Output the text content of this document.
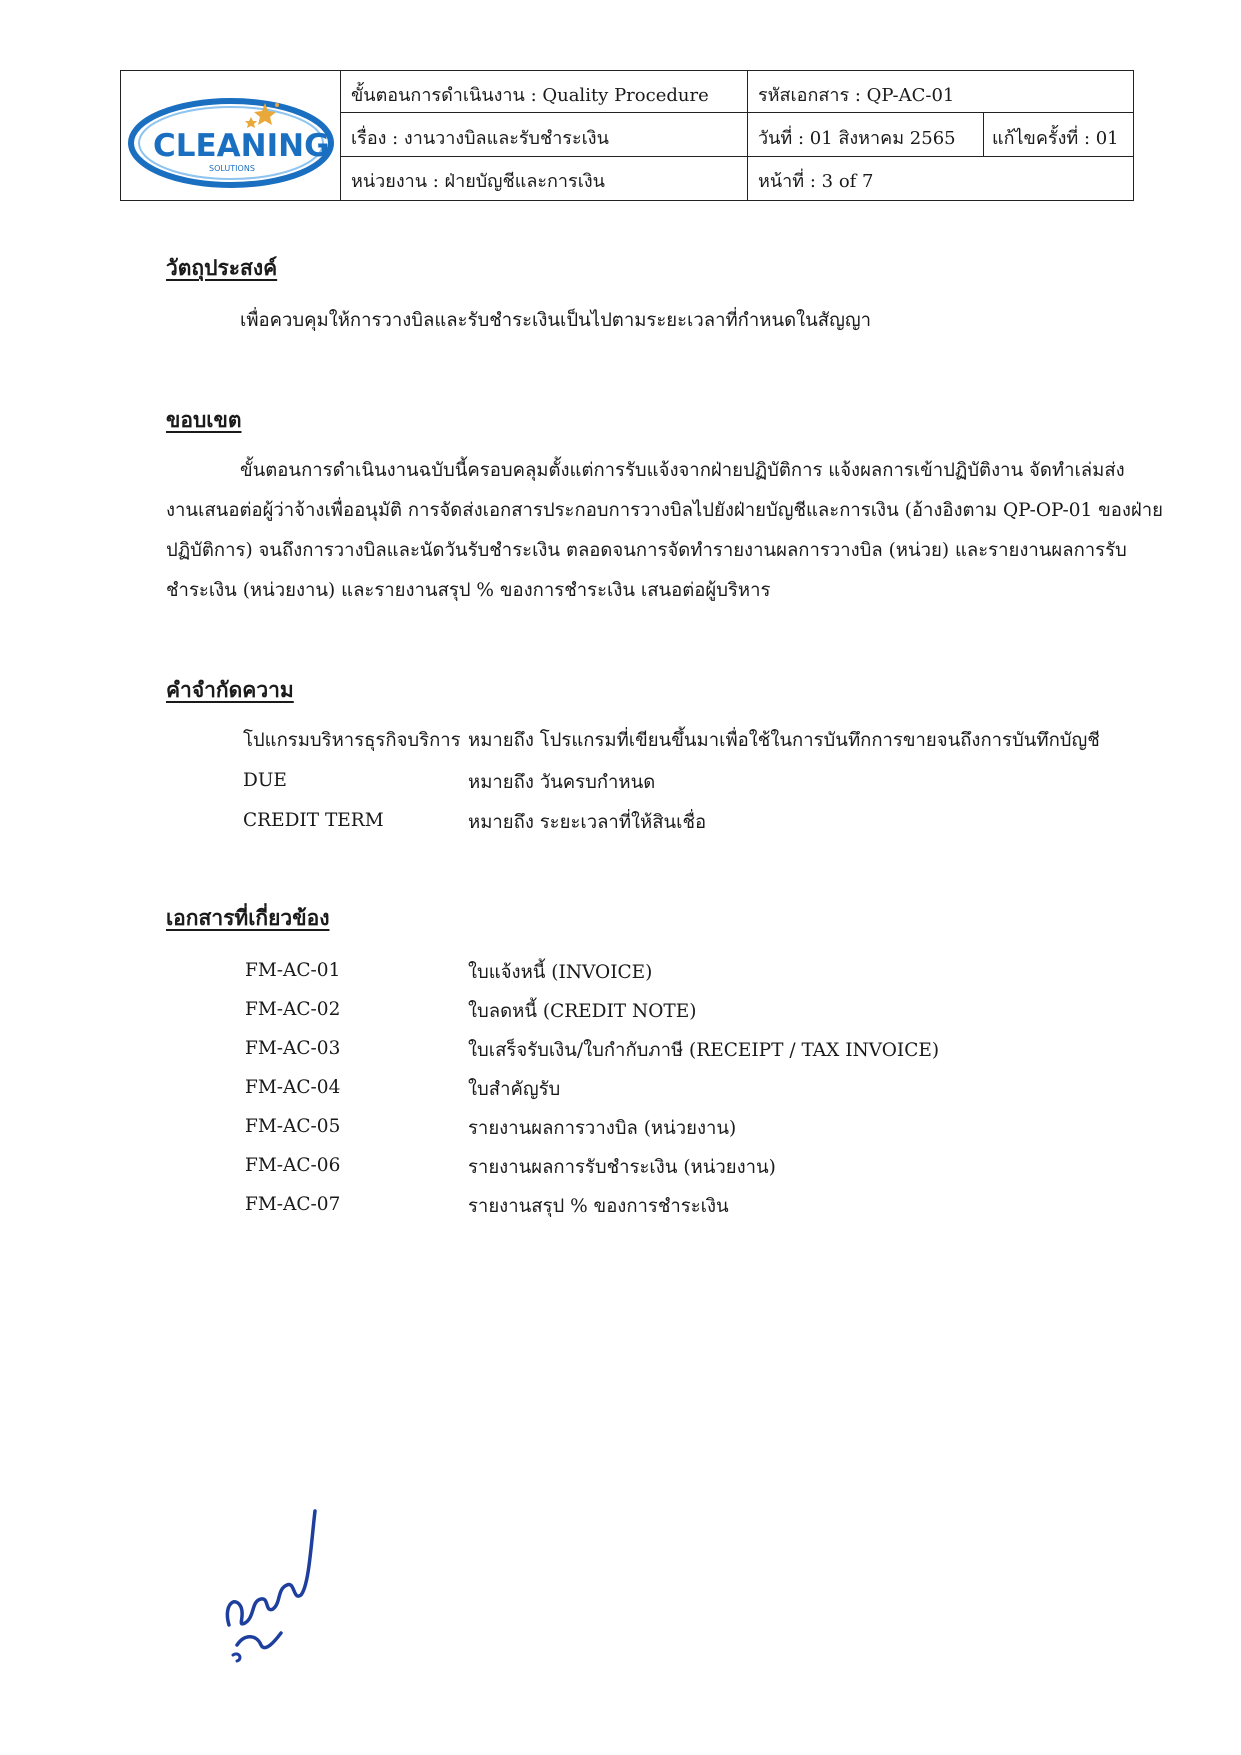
CLEANING
SOLUTIONS
ขั้นตอนการดำเนินงาน : Quality Procedure	รหัสเอกสาร : QP-AC-01
เรื่อง : งานวางบิลและรับชำระเงิน	วันที่ : 01 สิงหาคม 2565 แก้ไขครั้งที่ : 01
หน่วยงาน : ฝ่ายบัญชีและการเงิน	หน้าที่ : 3 of 7
วัตถุประสงค์
เพื่อควบคุมให้การวางบิลและรับชำระเงินเป็นไปตามระยะเวลาที่กำหนดในสัญญา
ขอบเขต
ขั้นตอนการดำเนินงานฉบับนี้ครอบคลุมตั้งแต่การรับแจ้งจากฝ่ายปฏิบัติการ แจ้งผลการเข้าปฏิบัติงาน จัดทำเล่มส่ง
งานเสนอต่อผู้ว่าจ้างเพื่ออนุมัติ การจัดส่งเอกสารประกอบการวางบิลไปยังฝ่ายบัญชีและการเงิน (อ้างอิงตาม QP-OP-01 ของฝ่าย
ปฏิบัติการ) จนถึงการวางบิลและนัดวันรับชำระเงิน ตลอดจนการจัดทำรายงานผลการวางบิล (หน่วย) และรายงานผลการรับ
ชำระเงิน (หน่วยงาน) และรายงานสรุป % ของการชำระเงิน เสนอต่อผู้บริหาร
คำจำกัดความ
โปแกรมบริหารธุรกิจบริการ หมายถึง โปรแกรมที่เขียนขึ้นมาเพื่อใช้ในการบันทึกการขายจนถึงการบันทึกบัญชี
DUE	หมายถึง วันครบกำหนด
CREDIT TERM	หมายถึง ระยะเวลาที่ให้สินเชื่อ
เอกสารที่เกี่ยวข้อง
FM-AC-01	ใบแจ้งหนี้ (INVOICE)
FM-AC-02	ใบลดหนี้ (CREDIT NOTE)
FM-AC-03	ใบเสร็จรับเงิน/ใบกำกับภาษี (RECEIPT / TAX INVOICE)
FM-AC-04	ใบสำคัญรับ
FM-AC-05	รายงานผลการวางบิล (หน่วยงาน)
FM-AC-06	รายงานผลการรับชำระเงิน (หน่วยงาน)
FM-AC-07	รายงานสรุป % ของการชำระเงิน
